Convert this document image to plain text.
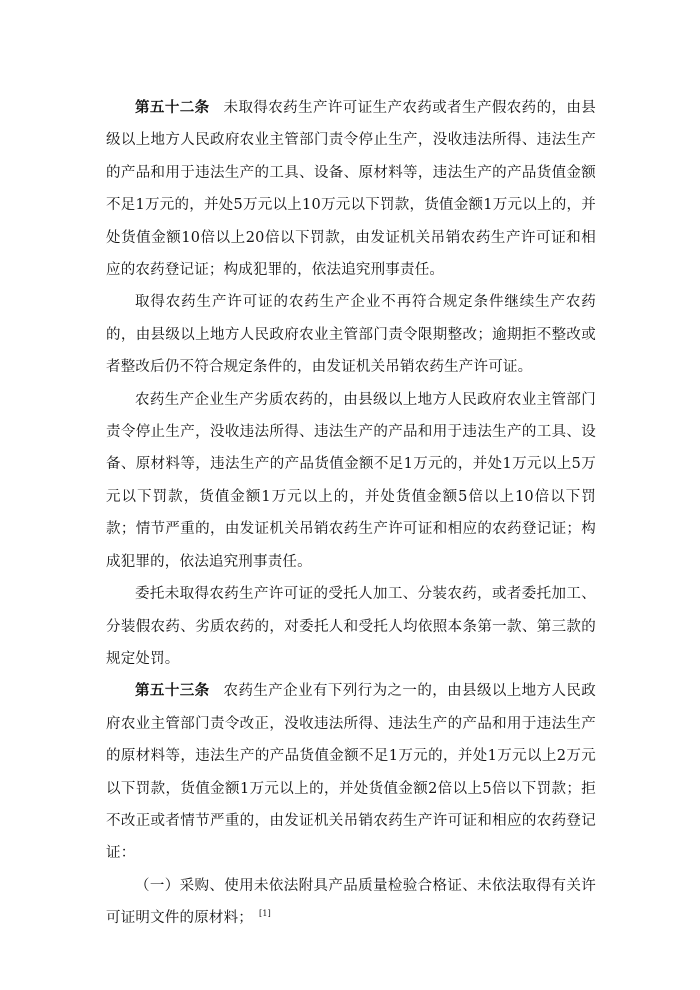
第五十二条 未取得农药生产许可证生产农药或者生产假农药的，由县级以上地方人民政府农业主管部门责令停止生产，没收违法所得、违法生产的产品和用于违法生产的工具、设备、原材料等，违法生产的产品货值金额不足1万元的，并处5万元以上10万元以下罚款，货值金额1万元以上的，并处货值金额10倍以上20倍以下罚款，由发证机关吊销农药生产许可证和相应的农药登记证；构成犯罪的，依法追究刑事责任。

取得农药生产许可证的农药生产企业不再符合规定条件继续生产农药的，由县级以上地方人民政府农业主管部门责令限期整改；逾期拒不整改或者整改后仍不符合规定条件的，由发证机关吊销农药生产许可证。

农药生产企业生产劣质农药的，由县级以上地方人民政府农业主管部门责令停止生产，没收违法所得、违法生产的产品和用于违法生产的工具、设备、原材料等，违法生产的产品货值金额不足1万元的，并处1万元以上5万元以下罚款，货值金额1万元以上的，并处货值金额5倍以上10倍以下罚款；情节严重的，由发证机关吊销农药生产许可证和相应的农药登记证；构成犯罪的，依法追究刑事责任。

委托未取得农药生产许可证的受托人加工、分装农药，或者委托加工、分装假农药、劣质农药的，对委托人和受托人均依照本条第一款、第三款的规定处罚。

第五十三条 农药生产企业有下列行为之一的，由县级以上地方人民政府农业主管部门责令改正，没收违法所得、违法生产的产品和用于违法生产的原材料等，违法生产的产品货值金额不足1万元的，并处1万元以上2万元以下罚款，货值金额1万元以上的，并处货值金额2倍以上5倍以下罚款；拒不改正或者情节严重的，由发证机关吊销农药生产许可证和相应的农药登记证：

（一）采购、使用未依法附具产品质量检验合格证、未依法取得有关许可证明文件的原材料； [1]
